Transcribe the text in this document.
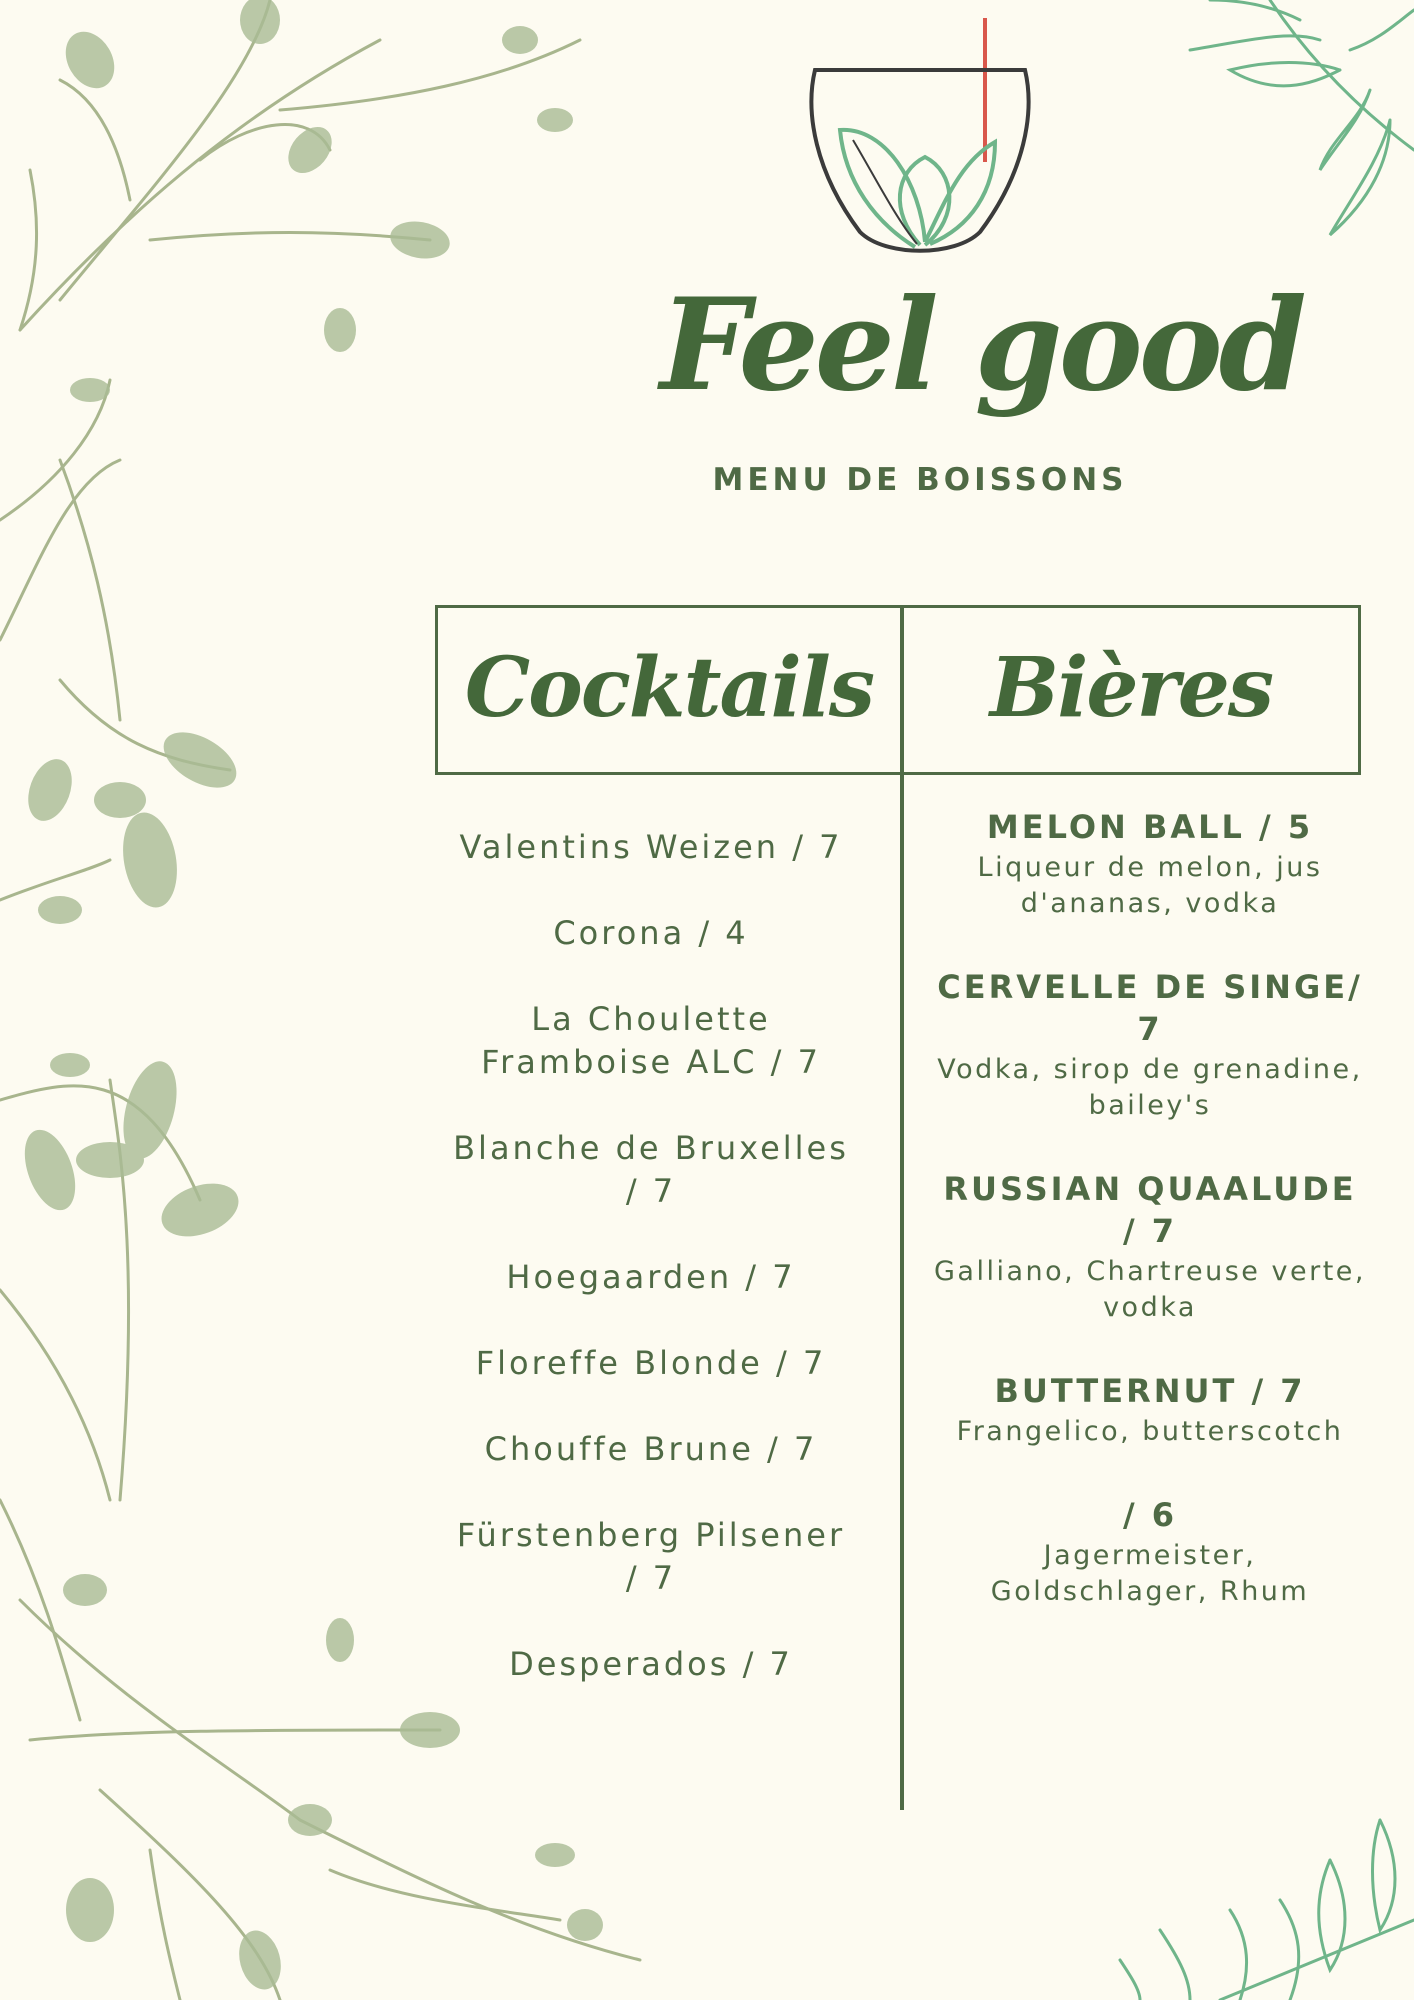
Feel good
MENU DE BOISSONS
Cocktails	Bières
Valentins Weizen / 7
Corona / 4
La Choulette Framboise ALC / 7
Blanche de Bruxelles / 7
Hoegaarden / 7
Floreffe Blonde / 7
Chouffe Brune / 7
Fürstenberg Pilsener / 7
Desperados / 7
MELON BALL / 5
Liqueur de melon, jus d'ananas, vodka
CERVELLE DE SINGE/ 7
Vodka, sirop de grenadine, bailey's
RUSSIAN QUAALUDE / 7
Galliano, Chartreuse verte, vodka
BUTTERNUT / 7
Frangelico, butterscotch
/ 6
Jagermeister, Goldschlager, Rhum
